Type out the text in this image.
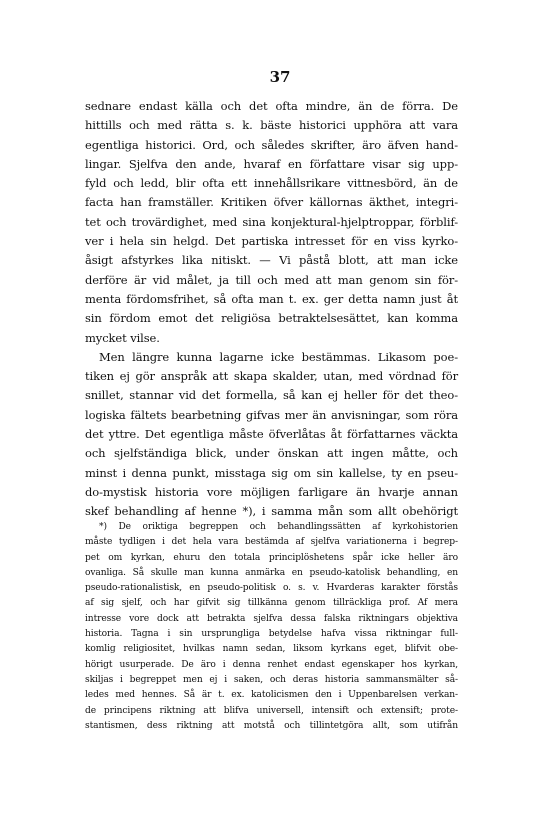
37
sednare endast källa och det ofta mindre, än de förra. De
hittills och med rätta s. k. bäste historici upphöra att vara
egentliga historici. Ord, och således skrifter, äro äfven hand-
lingar. Sjelfva den ande, hvaraf en författare visar sig upp-
fyld och ledd, blir ofta ett innehållsrikare vittnesbörd, än de
facta han framställer. Kritiken öfver källornas äkthet, integri-
tet och trovärdighet, med sina konjektural-hjelptroppar, förblif-
ver i hela sin helgd. Det partiska intresset för en viss kyrko-
åsigt afstyrkes lika nitiskt. — Vi påstå blott, att man icke
derföre är vid målet, ja till och med att man genom sin för-
menta fördomsfrihet, så ofta man t. ex. ger detta namn just åt
sin fördom emot det religiösa betraktelsesättet, kan komma
mycket vilse.
Men längre kunna lagarne icke bestämmas. Likasom poe-
tiken ej gör anspråk att skapa skalder, utan, med vördnad för
snillet, stannar vid det formella, så kan ej heller för det theo-
logiska fältets bearbetning gifvas mer än anvisningar, som röra
det yttre. Det egentliga måste öfverlåtas åt författarnes väckta
och sjelfständiga blick, under önskan att ingen måtte, och
minst i denna punkt, misstaga sig om sin kallelse, ty en pseu-
do-mystisk historia vore möjligen farligare än hvarje annan
skef behandling af henne *), i samma mån som allt obehörigt
*) De oriktiga begreppen och behandlingssätten af kyrkohistorien
måste tydligen i det hela vara bestämda af sjelfva variationerna i begrep-
pet om kyrkan, ehuru den totala principlöshetens spår icke heller äro
ovanliga. Så skulle man kunna anmärka en pseudo-katolisk behandling, en
pseudo-rationalistisk, en pseudo-politisk o. s. v. Hvarderas karakter förstås
af sig sjelf, och har gifvit sig tillkänna genom tillräckliga prof. Af mera
intresse vore dock att betrakta sjelfva dessa falska riktningars objektiva
historia. Tagna i sin ursprungliga betydelse hafva vissa riktningar full-
komlig religiositet, hvilkas namn sedan, liksom kyrkans eget, blifvit obe-
hörigt usurperade. De äro i denna renhet endast egenskaper hos kyrkan,
skiljas i begreppet men ej i saken, och deras historia sammansmälter så-
ledes med hennes. Så är t. ex. katolicismen den i Uppenbarelsen verkan-
de principens riktning att blifva universell, intensift och extensift; prote-
stantismen, dess riktning att motstå och tillintetgöra allt, som utifrån
